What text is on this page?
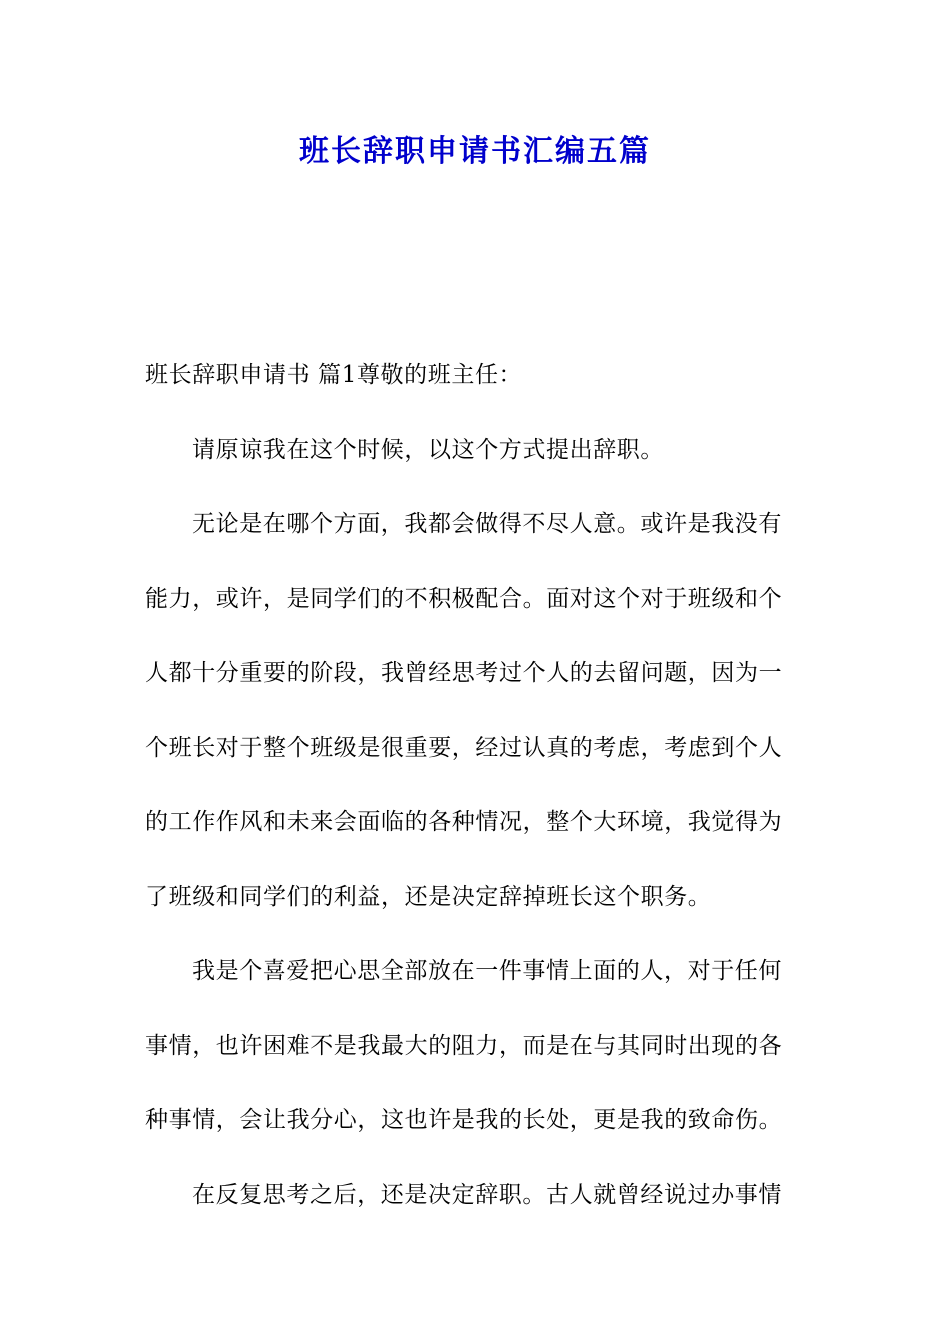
班长辞职申请书汇编五篇

班长辞职申请书 篇1尊敬的班主任：

请原谅我在这个时候，以这个方式提出辞职。

无论是在哪个方面，我都会做得不尽人意。或许是我没有
能力，或许，是同学们的不积极配合。面对这个对于班级和个
人都十分重要的阶段，我曾经思考过个人的去留问题，因为一
个班长对于整个班级是很重要，经过认真的考虑，考虑到个人
的工作作风和未来会面临的各种情况，整个大环境，我觉得为
了班级和同学们的利益，还是决定辞掉班长这个职务。

我是个喜爱把心思全部放在一件事情上面的人，对于任何
事情，也许困难不是我最大的阻力，而是在与其同时出现的各
种事情，会让我分心，这也许是我的长处，更是我的致命伤。

在反复思考之后，还是决定辞职。古人就曾经说过办事情
